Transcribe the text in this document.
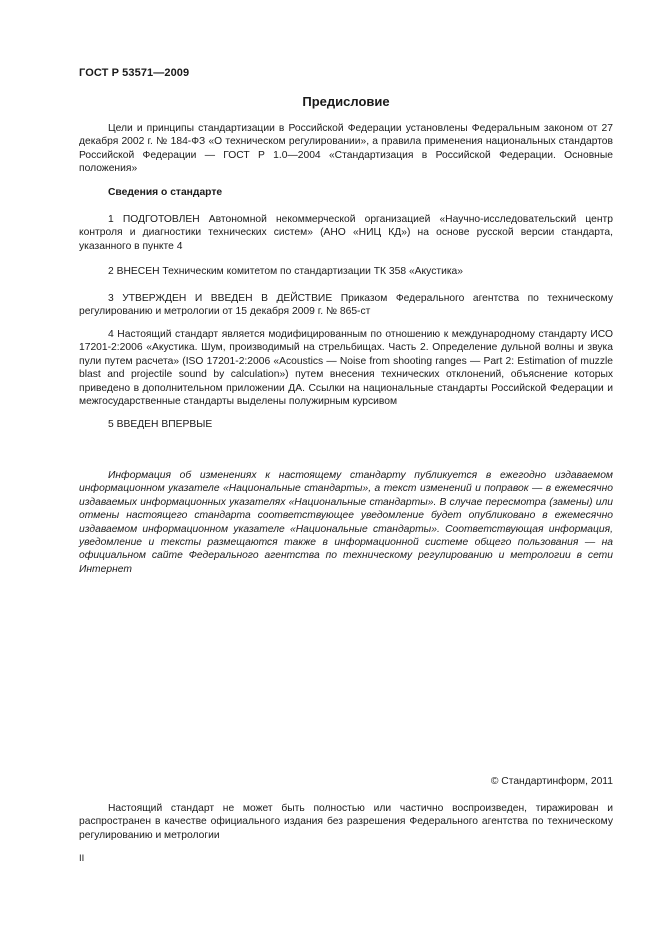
ГОСТ Р 53571—2009
Предисловие

Цели и принципы стандартизации в Российской Федерации установлены Федеральным законом от 27 декабря 2002 г. № 184-ФЗ «О техническом регулировании», а правила применения национальных стандартов Российской Федерации — ГОСТ Р 1.0—2004 «Стандартизация в Российской Федерации. Основные положения»

Сведения о стандарте

1 ПОДГОТОВЛЕН Автономной некоммерческой организацией «Научно-исследовательский центр контроля и диагностики технических систем» (АНО «НИЦ КД») на основе русской версии стандарта, указанного в пункте 4

2 ВНЕСЕН Техническим комитетом по стандартизации ТК 358 «Акустика»

3 УТВЕРЖДЕН И ВВЕДЕН В ДЕЙСТВИЕ Приказом Федерального агентства по техническому регулированию и метрологии от 15 декабря 2009 г. № 865-ст

4 Настоящий стандарт является модифицированным по отношению к международному стандарту ИСО 17201-2:2006 «Акустика. Шум, производимый на стрельбищах. Часть 2. Определение дульной волны и звука пули путем расчета» (ISO 17201-2:2006 «Acoustics — Noise from shooting ranges — Part 2: Estimation of muzzle blast and projectile sound by calculation») путем внесения технических отклонений, объяснение которых приведено в дополнительном приложении ДА. Ссылки на национальные стандарты Российской Федерации и межгосударственные стандарты выделены полужирным курсивом

5 ВВЕДЕН ВПЕРВЫЕ

Информация об изменениях к настоящему стандарту публикуется в ежегодно издаваемом информационном указателе «Национальные стандарты», а текст изменений и поправок — в ежемесячно издаваемых информационных указателях «Национальные стандарты». В случае пересмотра (замены) или отмены настоящего стандарта соответствующее уведомление будет опубликовано в ежемесячно издаваемом информационном указателе «Национальные стандарты». Соответствующая информация, уведомление и тексты размещаются также в информационной системе общего пользования — на официальном сайте Федерального агентства по техническому регулированию и метрологии в сети Интернет

© Стандартинформ, 2011

Настоящий стандарт не может быть полностью или частично воспроизведен, тиражирован и распространен в качестве официального издания без разрешения Федерального агентства по техническому регулированию и метрологии

II
